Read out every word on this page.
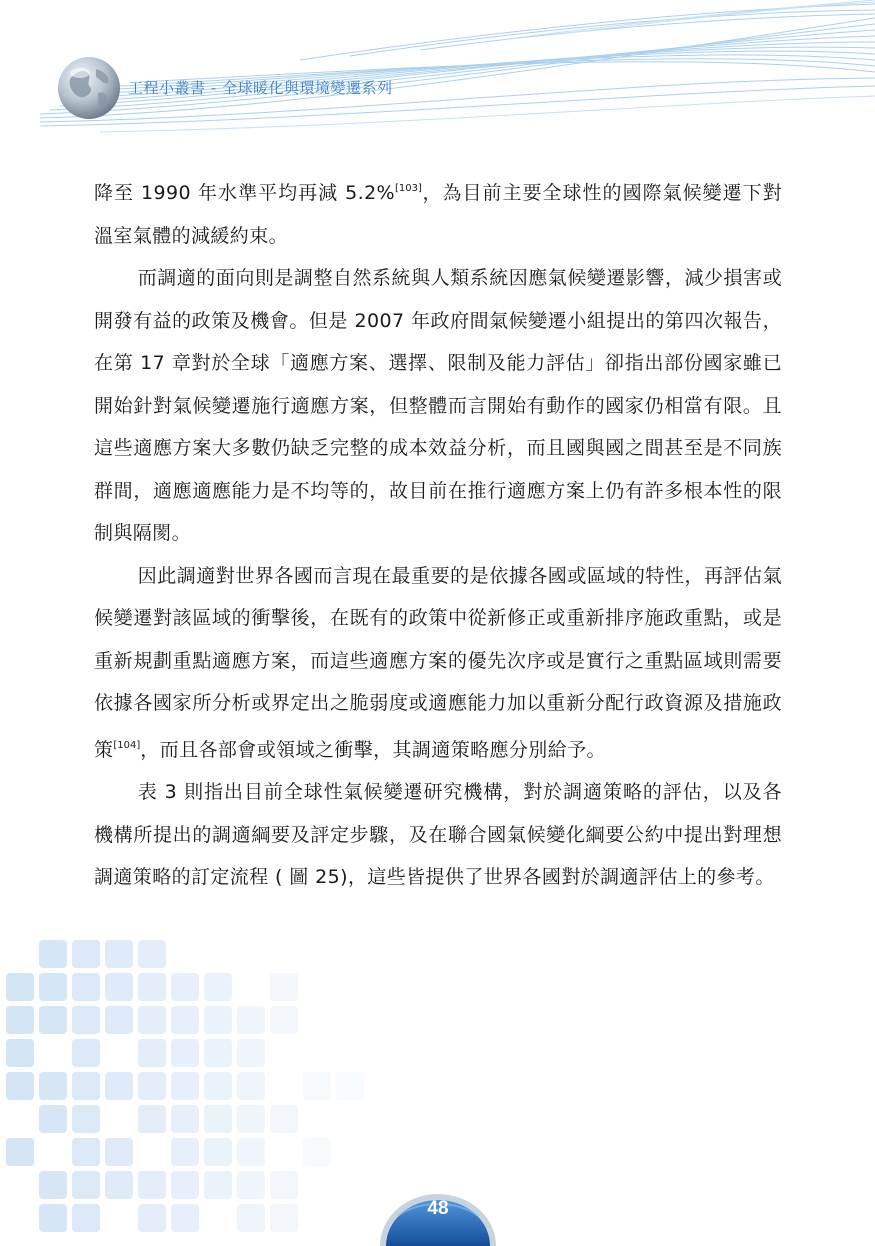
工程小叢書 - 全球暖化與環境變遷系列

降至 1990 年水準平均再減 5.2%[103]，為目前主要全球性的國際氣候變遷下對溫室氣體的減緩約束。

而調適的面向則是調整自然系統與人類系統因應氣候變遷影響，減少損害或開發有益的政策及機會。但是 2007 年政府間氣候變遷小組提出的第四次報告，在第 17 章對於全球「適應方案、選擇、限制及能力評估」卻指出部份國家雖已開始針對氣候變遷施行適應方案，但整體而言開始有動作的國家仍相當有限。且這些適應方案大多數仍缺乏完整的成本效益分析，而且國與國之間甚至是不同族群間，適應適應能力是不均等的，故目前在推行適應方案上仍有許多根本性的限制與隔閡。

因此調適對世界各國而言現在最重要的是依據各國或區域的特性，再評估氣候變遷對該區域的衝擊後，在既有的政策中從新修正或重新排序施政重點，或是重新規劃重點適應方案，而這些適應方案的優先次序或是實行之重點區域則需要依據各國家所分析或界定出之脆弱度或適應能力加以重新分配行政資源及措施政策[104]，而且各部會或領域之衝擊，其調適策略應分別給予。

表 3 則指出目前全球性氣候變遷研究機構，對於調適策略的評估，以及各機構所提出的調適綱要及評定步驟，及在聯合國氣候變化綱要公約中提出對理想調適策略的訂定流程 ( 圖 25)，這些皆提供了世界各國對於調適評估上的參考。

48
